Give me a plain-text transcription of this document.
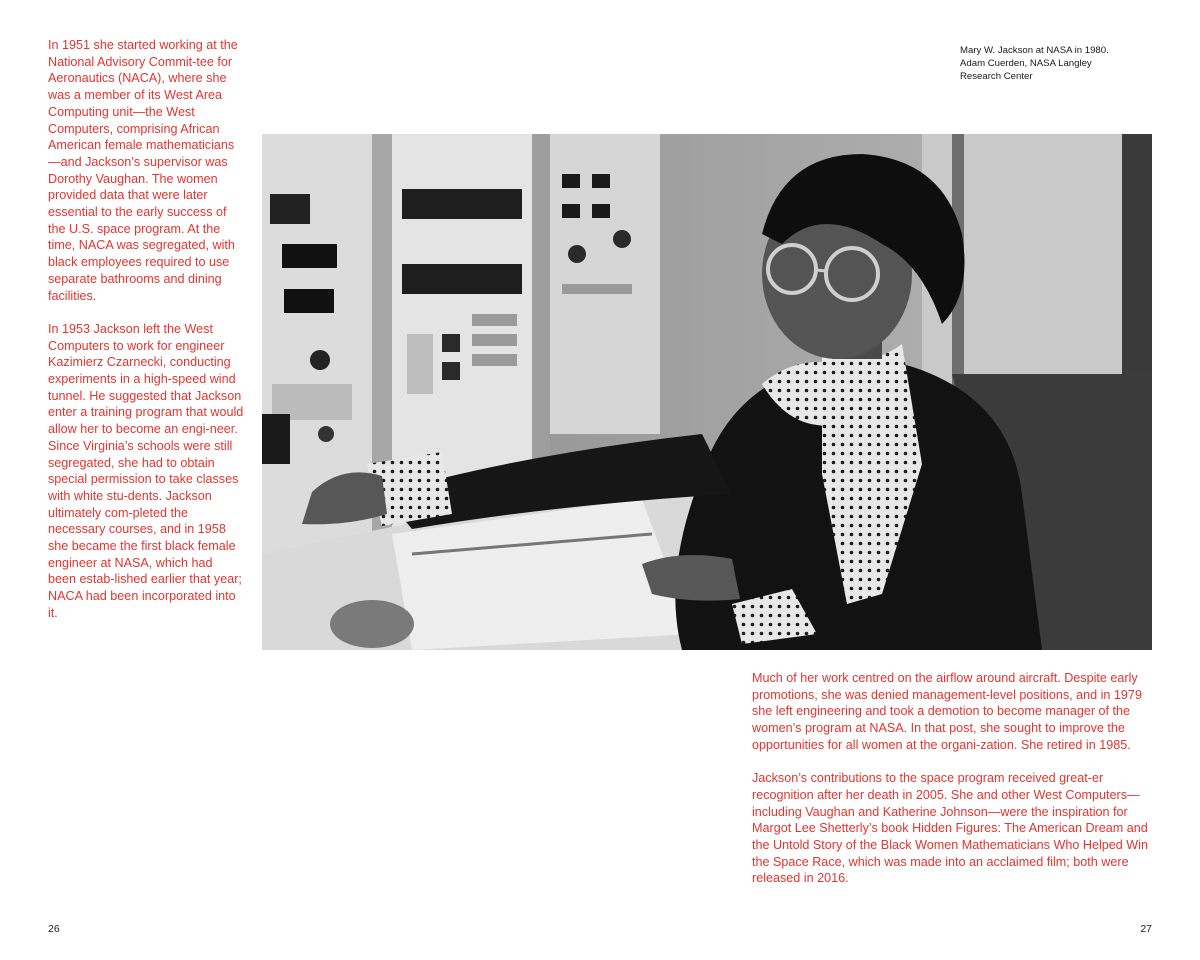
In 1951 she started working at the National Advisory Commit-tee for Aeronautics (NACA), where she was a member of its West Area Computing unit—the West Computers, comprising African American female mathematicians—and Jackson’s supervisor was Dorothy Vaughan. The women provided data that were later essential to the early success of the U.S. space program. At the time, NACA was segregated, with black employees required to use separate bathrooms and dining facilities.

In 1953 Jackson left the West Computers to work for engineer Kazimierz Czarnecki, conducting experiments in a high-speed wind tunnel. He suggested that Jackson enter a training program that would allow her to become an engi-neer. Since Virginia’s schools were still segregated, she had to obtain special permission to take classes with white stu-dents. Jackson ultimately com-pleted the necessary courses, and in 1958 she became the first black female engineer at NASA, which had been estab-lished earlier that year; NACA had been incorporated into it.

Mary W. Jackson at NASA in 1980.
Adam Cuerden, NASA Langley
Research Center

Much of her work centred on the airflow around aircraft. Despite early promotions, she was denied management-level positions, and in 1979 she left engineering and took a demotion to become manager of the women’s program at NASA. In that post, she sought to improve the opportunities for all women at the organi-zation. She retired in 1985.

Jackson’s contributions to the space program received great-er recognition after her death in 2005. She and other West Computers—including Vaughan and Katherine Johnson—were the inspiration for Margot Lee Shetterly’s book Hidden Figures: The American Dream and the Untold Story of the Black Women Mathematicians Who Helped Win the Space Race, which was made into an acclaimed film; both were released in 2016.

26	27
